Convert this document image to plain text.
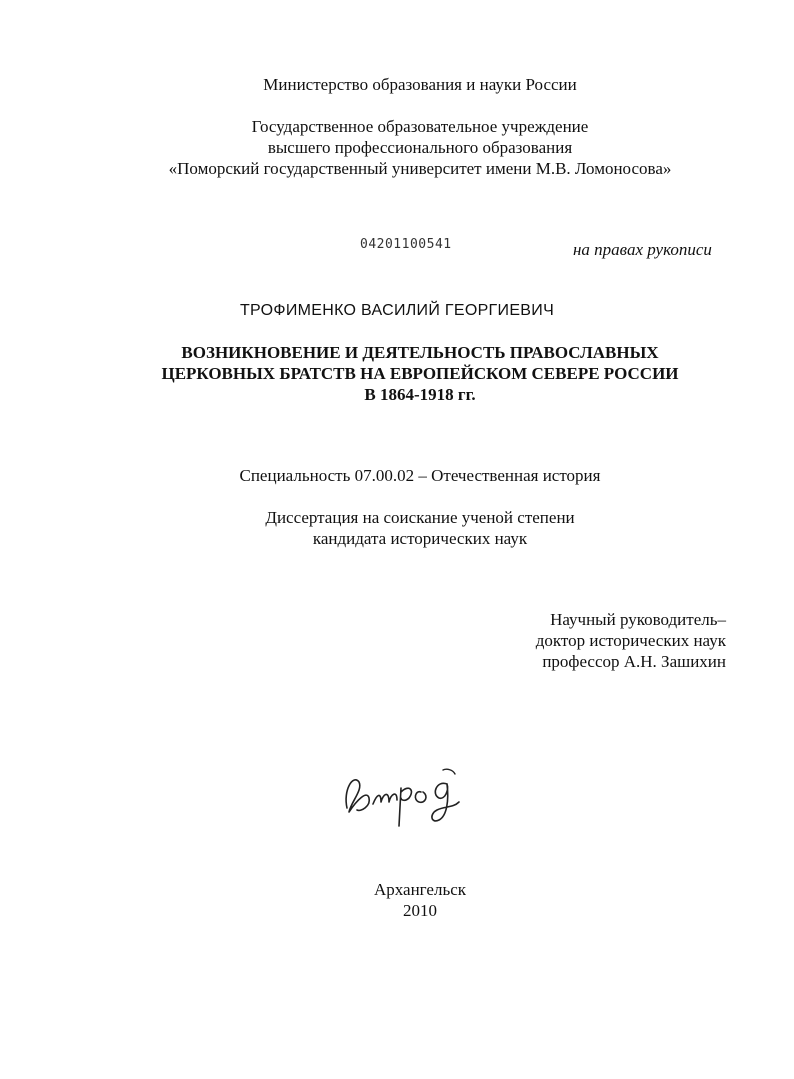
Министерство образования и науки России
Государственное образовательное учреждение
высшего профессионального образования
«Поморский государственный университет имени М.В. Ломоносова»
04201100541	на правах рукописи
ТРОФИМЕНКО ВАСИЛИЙ ГЕОРГИЕВИЧ
ВОЗНИКНОВЕНИЕ И ДЕЯТЕЛЬНОСТЬ ПРАВОСЛАВНЫХ
ЦЕРКОВНЫХ БРАТСТВ НА ЕВРОПЕЙСКОМ СЕВЕРЕ РОССИИ
В 1864-1918 гг.
Специальность 07.00.02 – Отечественная история
Диссертация на соискание ученой степени
кандидата исторических наук
Научный руководитель–
доктор исторических наук
профессор А.Н. Зашихин
Архангельск
2010
